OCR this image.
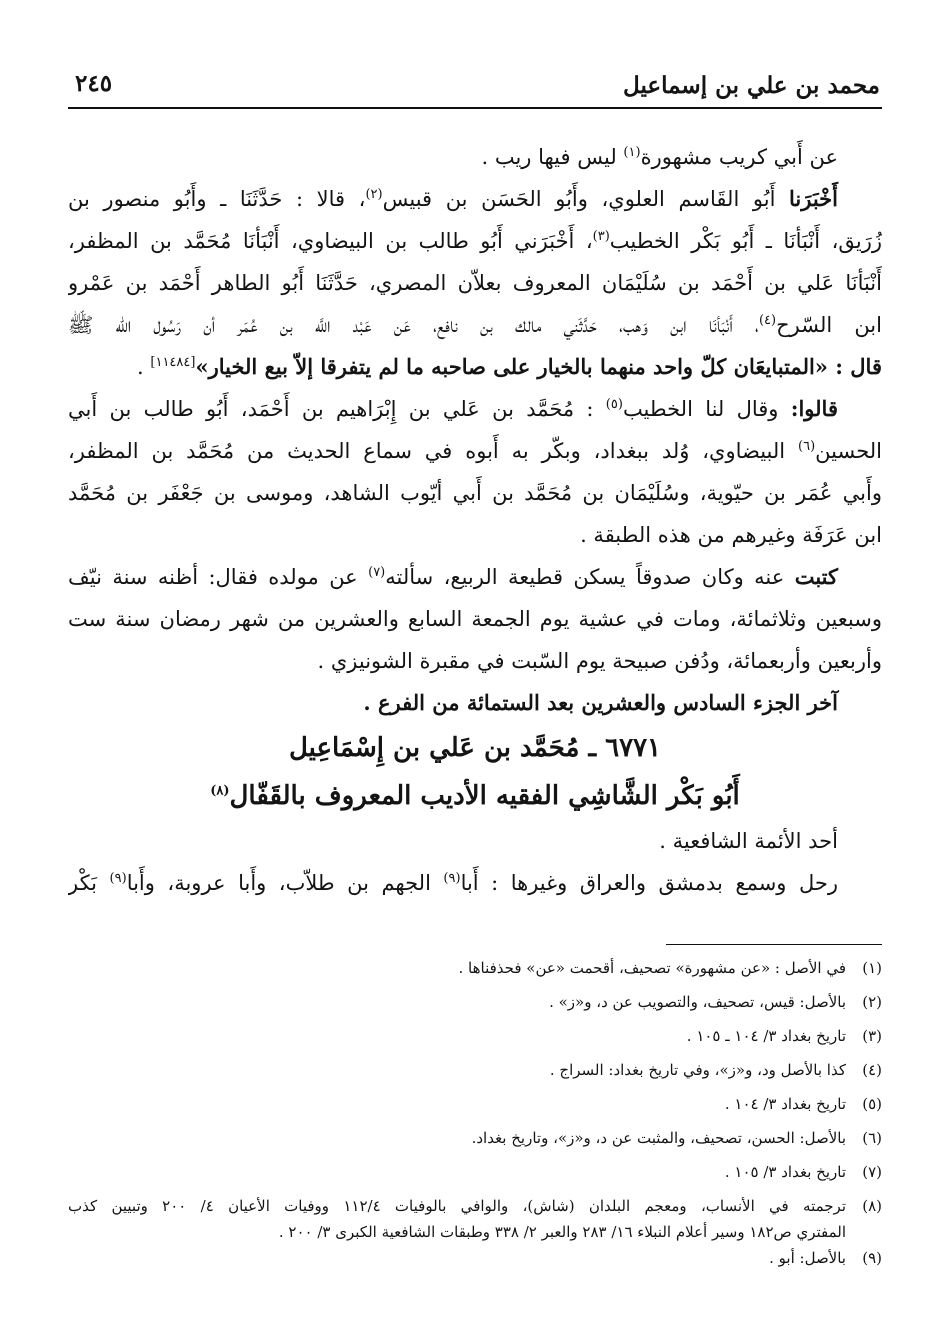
محمد بن علي بن إسماعيل
٢٤٥
عن أَبي كريب مشهورة$^{(١)}$ ليس فيها ريب .
أَخْبَرَنا أَبُو القَاسم العلوي، وأَبُو الحَسَن بن قبيس$^{(٢)}$، قالا : حَدَّثَنَا ـ وأَبُو منصور بن
زُرَيق، أَنْبَأنَا ـ أَبُو بَكْر الخطيب$^{(٣)}$، أَخْبَرَني أَبُو طالب بن البيضاوي، أَنْبَأنَا مُحَمَّد بن المظفر،
أَنْبَأنَا عَلي بن أَحْمَد بن سُلَيْمَان المعروف بعلاّن المصري، حَدَّثَنَا أَبُو الطاهر أَحْمَد بن عَمْرو
ابن السّرح$^{(٤)}$، أَنْبَأنَا ابن وَهب، حَدَّثَني مالك بن نافع، عَن عَبْد اللَّه بن عُمَر أن رَسُول الله ﷺ
قال : «المتبايعَان كلّ واحد منهما بالخيار على صاحبه ما لم يتفرقا إلاّ بيع الخيار»[١١٤٨٤] .
قالوا: وقال لنا الخطيب$^{(٥)}$ : مُحَمَّد بن عَلي بن إِبْرَاهيم بن أَحْمَد، أَبُو طالب بن أَبي
الحسين$^{(٦)}$ البيضاوي، وُلد ببغداد، وبكّر به أَبوه في سماع الحديث من مُحَمَّد بن المظفر،
وأَبي عُمَر بن حيّوية، وسُلَيْمَان بن مُحَمَّد بن أَبي أيّوب الشاهد، وموسى بن جَعْفَر بن مُحَمَّد
ابن عَرَفَة وغيرهم من هذه الطبقة .
كتبت عنه وكان صدوقاً يسكن قطيعة الربيع، سألته$^{(٧)}$ عن مولده فقال: أظنه سنة نيّف
وسبعين وثلاثمائة، ومات في عشية يوم الجمعة السابع والعشرين من شهر رمضان سنة ست
وأربعين وأربعمائة، ودُفن صبيحة يوم السّبت في مقبرة الشونيزي .
آخر الجزء السادس والعشرين بعد الستمائة من الفرع .
٦٧٧١ ـ مُحَمَّد بن عَلي بن إِسْمَاعِيل
أَبُو بَكْر الشَّاشِي الفقيه الأديب المعروف بالقَفّال$^{(٨)}$
أحد الأئمة الشافعية .
رحل وسمع بدمشق والعراق وغيرها : أَبا$^{(٩)}$ الجهم بن طلاّب، وأَبا عروبة، وأَبا$^{(٩)}$ بَكْر
(١)
في الأصل : «عن مشهورة» تصحيف، أقحمت «عن» فحذفناها .
(٢)
بالأصل: قيس، تصحيف، والتصويب عن د، و«ز» .
(٣)
تاريخ بغداد ٣/ ١٠٤ ـ ١٠٥ .
(٤)
كذا بالأصل ود، و«ز»، وفي تاريخ بغداد: السراج .
(٥)
تاريخ بغداد ٣/ ١٠٤ .
(٦)
بالأصل: الحسن، تصحيف، والمثبت عن د، و«ز»، وتاريخ بغداد.
(٧)
تاريخ بغداد ٣/ ١٠٥ .
(٨)
ترجمته في الأنساب، ومعجم البلدان (شاش)، والوافي بالوفيات ١١٢/٤ ووفيات الأعيان ٤/ ٢٠٠ وتبيين كذب
المفتري ص١٨٢ وسير أعلام النبلاء ١٦/ ٢٨٣ والعبر ٢/ ٣٣٨ وطبقات الشافعية الكبرى ٣/ ٢٠٠ .
(٩)
بالأصل: أبو .
